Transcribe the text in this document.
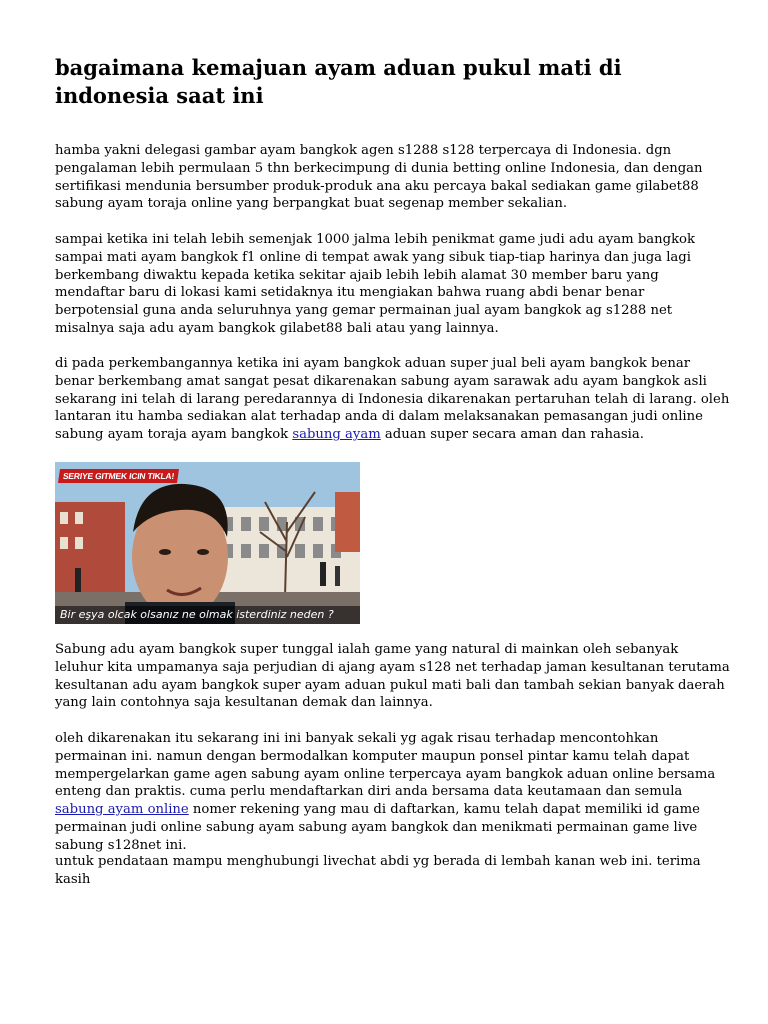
bagaimana kemajuan ayam aduan pukul mati di indonesia saat ini

hamba yakni delegasi gambar ayam bangkok agen s1288 s128 terpercaya di Indonesia. dgn pengalaman lebih permulaan 5 thn berkecimpung di dunia betting online Indonesia, dan dengan sertifikasi mendunia bersumber produk-produk ana aku percaya bakal sediakan game gilabet88 sabung ayam toraja online yang berpangkat buat segenap member sekalian.

sampai ketika ini telah lebih semenjak 1000 jalma lebih penikmat game judi adu ayam bangkok sampai mati ayam bangkok f1 online di tempat awak yang sibuk tiap-tiap harinya dan juga lagi berkembang diwaktu kepada ketika sekitar ajaib lebih lebih alamat 30 member baru yang mendaftar baru di lokasi kami setidaknya itu mengiakan bahwa ruang abdi benar benar berpotensial guna anda seluruhnya yang gemar permainan jual ayam bangkok ag s1288 net misalnya saja adu ayam bangkok gilabet88 bali atau yang lainnya.

di pada perkembangannya ketika ini ayam bangkok aduan super jual beli ayam bangkok benar benar berkembang amat sangat pesat dikarenakan sabung ayam sarawak adu ayam bangkok asli sekarang ini telah di larang peredarannya di Indonesia dikarenakan pertaruhan telah di larang. oleh lantaran itu hamba sediakan alat terhadap anda di dalam melaksanakan pemasangan judi online sabung ayam toraja ayam bangkok sabung ayam aduan super secara aman dan rahasia.

SERIYE GITMEK ICIN TIKLA!
Bir eşya olcak olsanız ne olmak isterdiniz neden ?

Sabung adu ayam bangkok super tunggal ialah game yang natural di mainkan oleh sebanyak leluhur kita umpamanya saja perjudian di ajang ayam s128 net terhadap jaman kesultanan terutama kesultanan adu ayam bangkok super ayam aduan pukul mati bali dan tambah sekian banyak daerah yang lain contohnya saja kesultanan demak dan lainnya.

oleh dikarenakan itu sekarang ini ini banyak sekali yg agak risau terhadap mencontohkan permainan ini. namun dengan bermodalkan komputer maupun ponsel pintar kamu telah dapat mempergelarkan game agen sabung ayam online terpercaya ayam bangkok aduan online bersama enteng dan praktis. cuma perlu mendaftarkan diri anda bersama data keutamaan dan semula sabung ayam online nomer rekening yang mau di daftarkan, kamu telah dapat memiliki id game permainan judi online sabung ayam sabung ayam bangkok dan menikmati permainan game live sabung s128net ini.

untuk pendataan mampu menghubungi livechat abdi yg berada di lembah kanan web ini. terima kasih
